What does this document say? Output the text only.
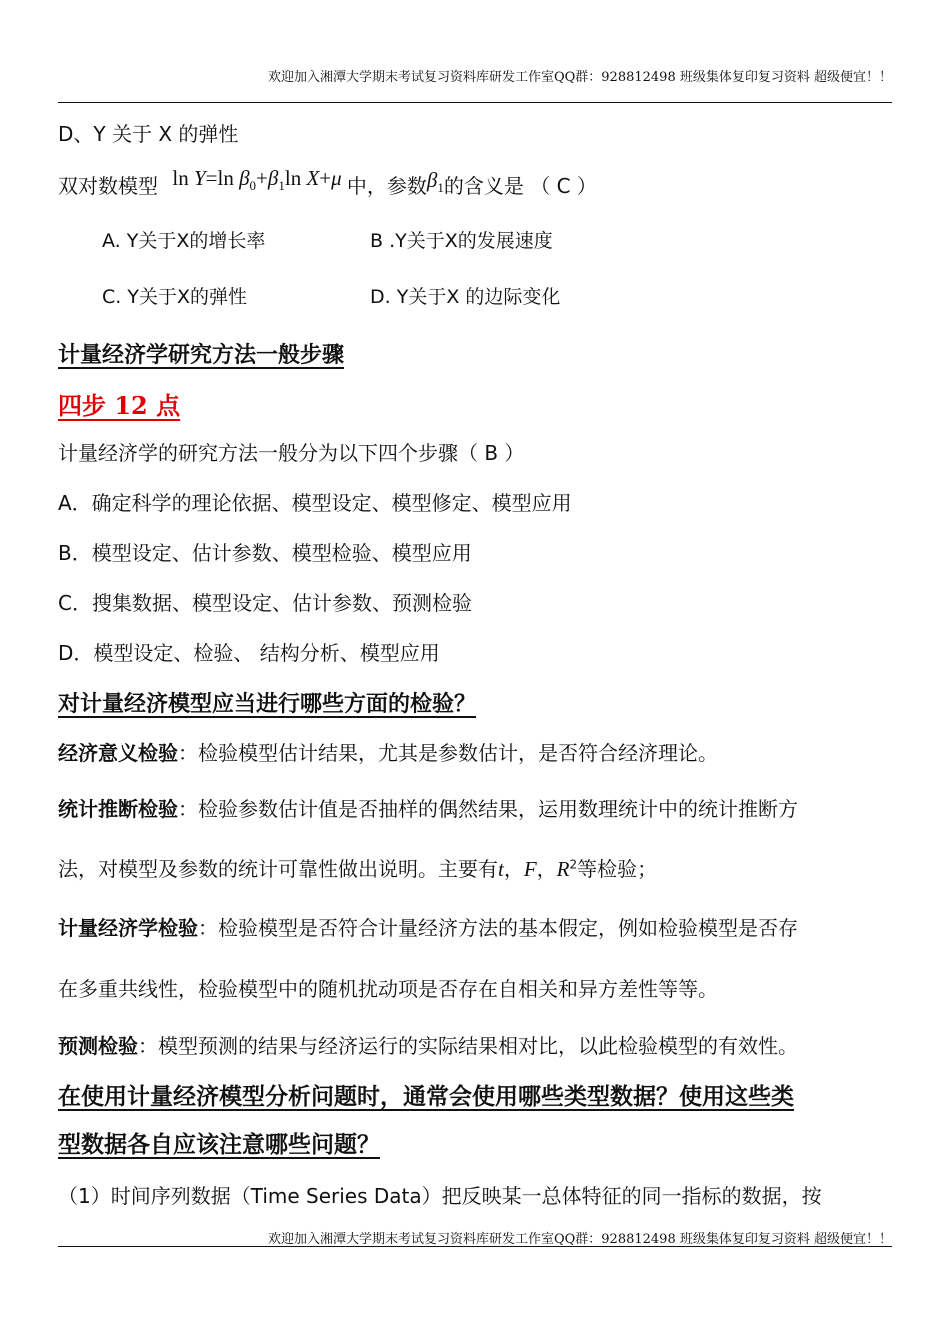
欢迎加入湘潭大学期末考试复习资料库研发工作室QQ群：928812498 班级集体复印复习资料 超级便宜！！
D、Y 关于 X 的弹性
双对数模型 ln Y=ln $\beta_0+\beta_1\ln$ X+μ 中，参数$\beta_1$的含义是 （ C ）
A. Y关于X的增长率	B .Y关于X的发展速度
C. Y关于X的弹性	D. Y关于X 的边际变化
计量经济学研究方法一般步骤
四步 12 点
计量经济学的研究方法一般分为以下四个步骤（ B ）
A．确定科学的理论依据、模型设定、模型修定、模型应用
B．模型设定、估计参数、模型检验、模型应用
C．搜集数据、模型设定、估计参数、预测检验
D．模型设定、检验、 结构分析、模型应用
对计量经济模型应当进行哪些方面的检验？
经济意义检验：检验模型估计结果，尤其是参数估计，是否符合经济理论。
统计推断检验：检验参数估计值是否抽样的偶然结果，运用数理统计中的统计推断方
法，对模型及参数的统计可靠性做出说明。主要有t，F，$R^2$等检验；
计量经济学检验：检验模型是否符合计量经济方法的基本假定，例如检验模型是否存
在多重共线性，检验模型中的随机扰动项是否存在自相关和异方差性等等。
预测检验：模型预测的结果与经济运行的实际结果相对比，以此检验模型的有效性。
在使用计量经济模型分析问题时，通常会使用哪些类型数据？使用这些类
型数据各自应该注意哪些问题？
（1）时间序列数据（Time Series Data）把反映某一总体特征的同一指标的数据，按
欢迎加入湘潭大学期末考试复习资料库研发工作室QQ群：928812498 班级集体复印复习资料 超级便宜！！
